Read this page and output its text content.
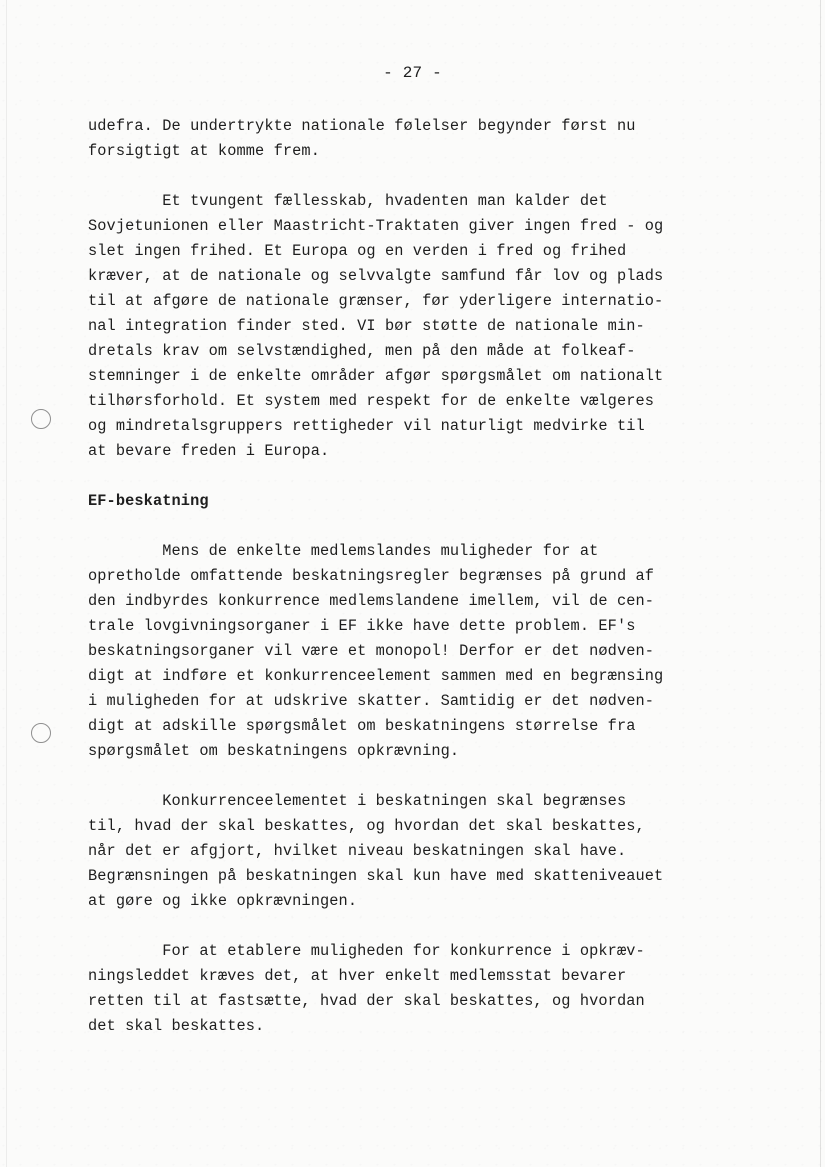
- 27 -

udefra. De undertrykte nationale følelser begynder først nu
forsigtigt at komme frem.

Et tvungent fællesskab, hvadenten man kalder det
Sovjetunionen eller Maastricht-Traktaten giver ingen fred - og
slet ingen frihed. Et Europa og en verden i fred og frihed
kræver, at de nationale og selvvalgte samfund får lov og plads
til at afgøre de nationale grænser, før yderligere internatio-
nal integration finder sted. VI bør støtte de nationale min-
dretals krav om selvstændighed, men på den måde at folkeaf-
stemninger i de enkelte områder afgør spørgsmålet om nationalt
tilhørsforhold. Et system med respekt for de enkelte vælgeres
og mindretalsgruppers rettigheder vil naturligt medvirke til
at bevare freden i Europa.

EF-beskatning

Mens de enkelte medlemslandes muligheder for at
opretholde omfattende beskatningsregler begrænses på grund af
den indbyrdes konkurrence medlemslandene imellem, vil de cen-
trale lovgivningsorganer i EF ikke have dette problem. EF's
beskatningsorganer vil være et monopol! Derfor er det nødven-
digt at indføre et konkurrenceelement sammen med en begrænsing
i muligheden for at udskrive skatter. Samtidig er det nødven-
digt at adskille spørgsmålet om beskatningens størrelse fra
spørgsmålet om beskatningens opkrævning.

Konkurrenceelementet i beskatningen skal begrænses
til, hvad der skal beskattes, og hvordan det skal beskattes,
når det er afgjort, hvilket niveau beskatningen skal have.
Begrænsningen på beskatningen skal kun have med skatteniveauet
at gøre og ikke opkrævningen.

For at etablere muligheden for konkurrence i opkræv-
ningsleddet kræves det, at hver enkelt medlemsstat bevarer
retten til at fastsætte, hvad der skal beskattes, og hvordan
det skal beskattes.
